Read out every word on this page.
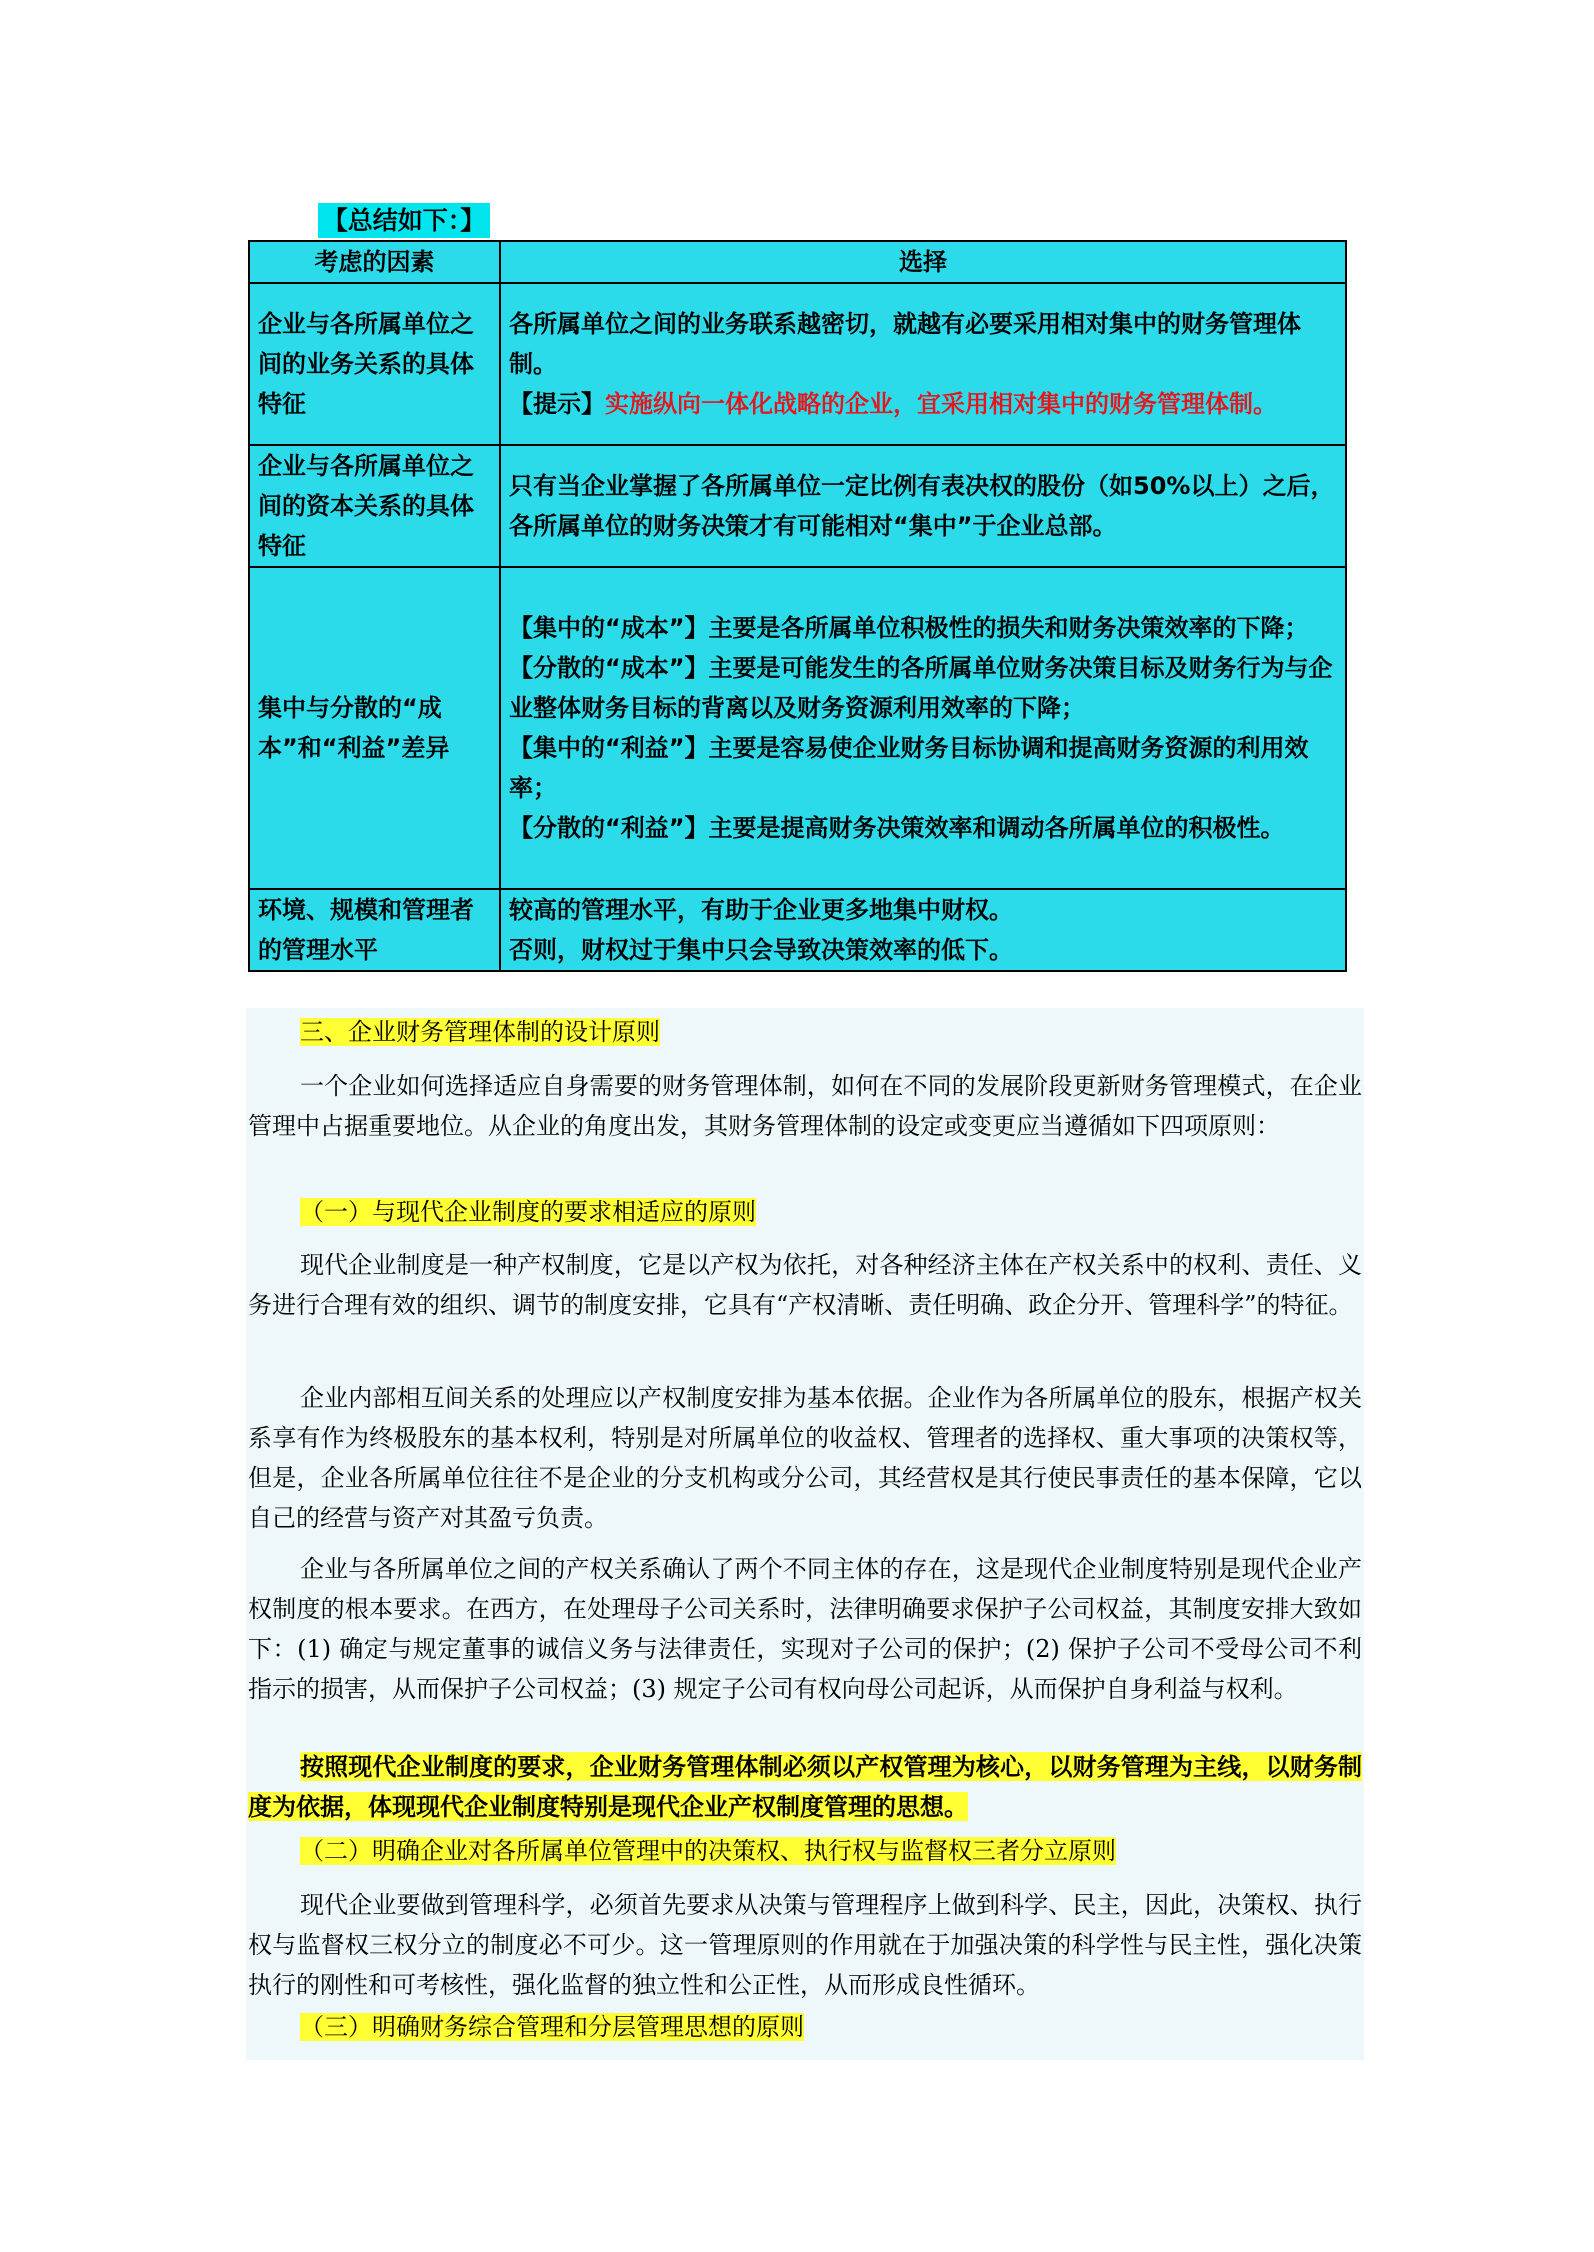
【总结如下：】
考虑的因素	选择
企业与各所属单位之间的业务关系的具体特征	各所属单位之间的业务联系越密切，就越有必要采用相对集中的财务管理体制。
【提示】实施纵向一体化战略的企业，宜采用相对集中的财务管理体制。

企业与各所属单位之间的资本关系的具体特征	只有当企业掌握了各所属单位一定比例有表决权的股份（如50%以上）之后，各所属单位的财务决策才有可能相对“集中”于企业总部。

集中与分散的“成本”和“利益”差异	【集中的“成本”】主要是各所属单位积极性的损失和财务决策效率的下降；
【分散的“成本”】主要是可能发生的各所属单位财务决策目标及财务行为与企业整体财务目标的背离以及财务资源利用效率的下降；
【集中的“利益”】主要是容易使企业财务目标协调和提高财务资源的利用效率；
【分散的“利益”】主要是提高财务决策效率和调动各所属单位的积极性。

环境、规模和管理者的管理水平	较高的管理水平，有助于企业更多地集中财权。
否则，财权过于集中只会导致决策效率的低下。
三、企业财务管理体制的设计原则
一个企业如何选择适应自身需要的财务管理体制，如何在不同的发展阶段更新财务管理模式，在企业管理中占据重要地位。从企业的角度出发，其财务管理体制的设定或变更应当遵循如下四项原则：
（一）与现代企业制度的要求相适应的原则
现代企业制度是一种产权制度，它是以产权为依托，对各种经济主体在产权关系中的权利、责任、义务进行合理有效的组织、调节的制度安排，它具有“产权清晰、责任明确、政企分开、管理科学”的特征。
企业内部相互间关系的处理应以产权制度安排为基本依据。企业作为各所属单位的股东，根据产权关系享有作为终极股东的基本权利，特别是对所属单位的收益权、管理者的选择权、重大事项的决策权等，但是，企业各所属单位往往不是企业的分支机构或分公司，其经营权是其行使民事责任的基本保障，它以自己的经营与资产对其盈亏负责。
企业与各所属单位之间的产权关系确认了两个不同主体的存在，这是现代企业制度特别是现代企业产权制度的根本要求。在西方，在处理母子公司关系时，法律明确要求保护子公司权益，其制度安排大致如下：(1) 确定与规定董事的诚信义务与法律责任，实现对子公司的保护；(2) 保护子公司不受母公司不利指示的损害，从而保护子公司权益；(3) 规定子公司有权向母公司起诉，从而保护自身利益与权利。
按照现代企业制度的要求，企业财务管理体制必须以产权管理为核心，以财务管理为主线，以财务制度为依据，体现现代企业制度特别是现代企业产权制度管理的思想。
（二）明确企业对各所属单位管理中的决策权、执行权与监督权三者分立原则
现代企业要做到管理科学，必须首先要求从决策与管理程序上做到科学、民主，因此，决策权、执行权与监督权三权分立的制度必不可少。这一管理原则的作用就在于加强决策的科学性与民主性，强化决策执行的刚性和可考核性，强化监督的独立性和公正性，从而形成良性循环。
（三）明确财务综合管理和分层管理思想的原则
